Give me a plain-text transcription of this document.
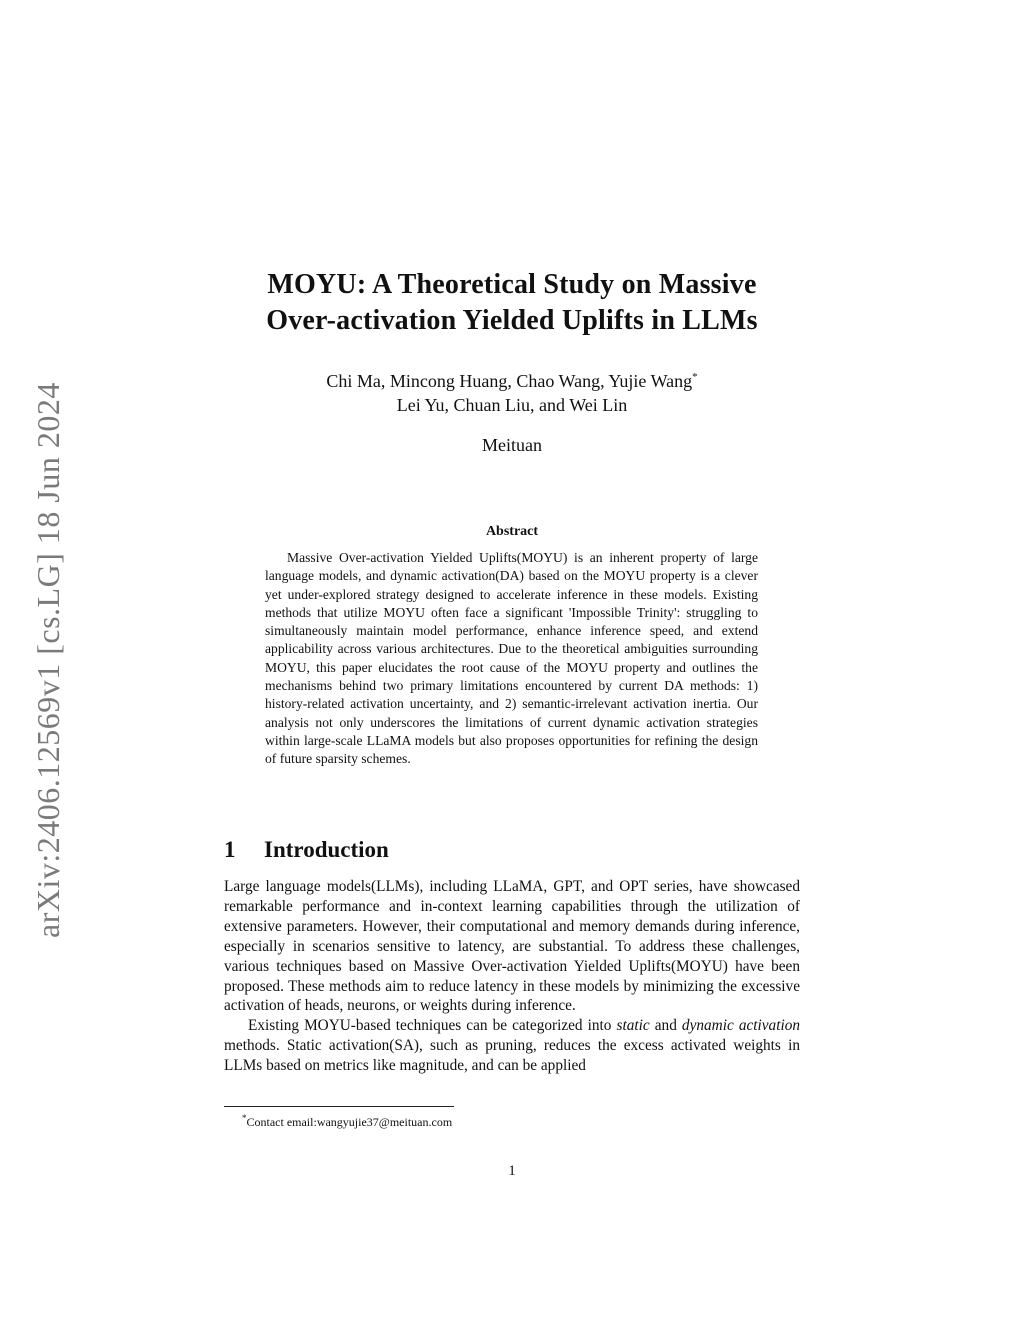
arXiv:2406.12569v1 [cs.LG] 18 Jun 2024
MOYU: A Theoretical Study on Massive
Over-activation Yielded Uplifts in LLMs
Chi Ma, Mincong Huang, Chao Wang, Yujie Wang*
Lei Yu, Chuan Liu, and Wei Lin
Meituan
Abstract
Massive Over-activation Yielded Uplifts(MOYU) is an inherent property of large language models, and dynamic activation(DA) based on the MOYU property is a clever yet under-explored strategy designed to accelerate inference in these models. Existing methods that utilize MOYU often face a significant 'Impossible Trinity': struggling to simultaneously maintain model performance, enhance inference speed, and extend applicability across various architectures. Due to the theoretical ambiguities surrounding MOYU, this paper elucidates the root cause of the MOYU property and outlines the mechanisms behind two primary limitations encountered by current DA methods: 1) history-related activation uncertainty, and 2) semantic-irrelevant activation inertia. Our analysis not only underscores the limitations of current dynamic activation strategies within large-scale LLaMA models but also proposes opportunities for refining the design of future sparsity schemes.
1 Introduction

Large language models(LLMs), including LLaMA, GPT, and OPT series, have showcased remarkable performance and in-context learning capabilities through the utilization of extensive parameters. However, their computational and memory demands during inference, especially in scenarios sensitive to latency, are substantial. To address these challenges, various techniques based on Massive Over-activation Yielded Uplifts(MOYU) have been proposed. These methods aim to reduce latency in these models by minimizing the excessive activation of heads, neurons, or weights during inference.

Existing MOYU-based techniques can be categorized into static and dynamic activation methods. Static activation(SA), such as pruning, reduces the excess activated weights in LLMs based on metrics like magnitude, and can be applied

*Contact email:wangyujie37@meituan.com
1
